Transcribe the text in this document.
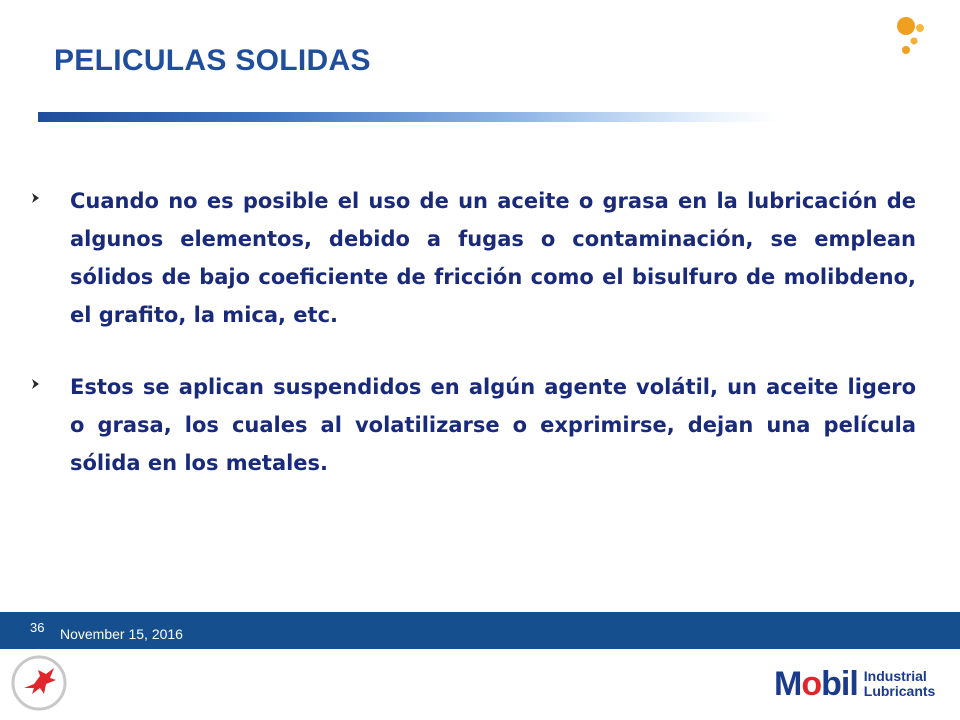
PELICULAS SOLIDAS

Cuando no es posible el uso de un aceite o grasa en la lubricación de algunos elementos, debido a fugas o contaminación, se emplean sólidos de bajo coeficiente de fricción como el bisulfuro de molibdeno, el grafito, la mica, etc.

Estos se aplican suspendidos en algún agente volátil, un aceite ligero o grasa, los cuales al volatilizarse o exprimirse, dejan una película sólida en los metales.

36 November 15, 2016
Mobil Industrial
Lubricants
